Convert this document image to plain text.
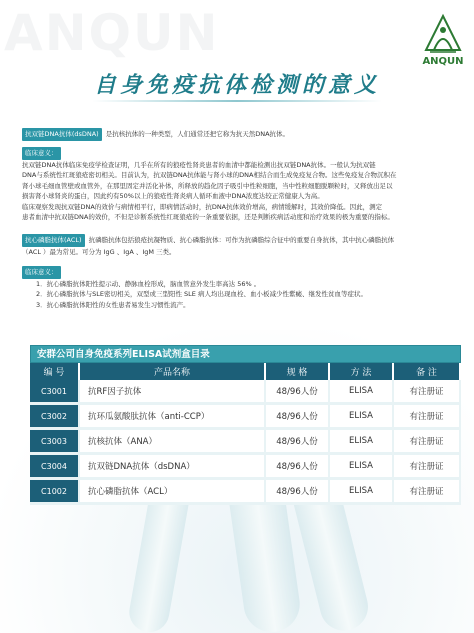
ANQUN	ANQUN
自身免疫抗体检测的意义
抗双链DNA抗体(dsDNA) 是抗核抗体的一种类型，人们通常还把它称为抗天然DNA抗体。
临床意义：

抗双链DNA抗体临床免疫学检查证明，几乎在所有的狼疮性肾炎患者的血清中都能检测出抗双链DNA抗体。一般认为抗双链

DNA与系统性红斑狼疮密切相关。目前认为，抗双链DNA抗体能与肾小球的DNA相结合而生成免疫复合物。这些免疫复合物沉积在

肾小球毛细血管壁或血管外，在那里固定并活化补体，所释放的趋化因子吸引中性粒细胞，当中性粒细胞脱颗粒时，又释放出足以

损害肾小球肾炎的蛋白，因此约有50%以上的狼疮性肾炎病人循环血液中DNA浓度达较正常健康人为高。

临床观察发现抗双链DNA的效价与病情相平行，即病情活动时，抗DNA抗体效价增高，病情缓解时，其效价降低。因此，测定

患者血清中抗双链DNA的效价，不但是诊断系统性红斑狼疮的一条重要依据，还是判断疾病活动度和治疗效果的极为重要的指标。

抗心磷脂抗体(ACL) 抗磷脂抗体包括狼疮抗凝物质、抗心磷脂抗体：可作为抗磷脂综合征中的重要自身抗体，其中抗心磷脂抗体

（ACL ）最为常见。可分为 IgG 、IgA 、IgM 三类。

临床意义：

1．抗心磷脂抗体阳性提示动、静脉血栓形成，脑血管意外发生率高达 56% 。

2．抗心磷脂抗体与SLE密切相关，双型或三型阳性 SLE 病人均出现血栓、血小板减少性紫癜、继发性贫血等症状。

3．抗心磷脂抗体阳性的女性患者易发生习惯性流产。

安群公司自身免疫系列ELISA试剂盒目录
编 号	产品名称	规 格	方 法	备 注
C3001	抗RF因子抗体	48/96人份	ELISA	有注册证
C3002	抗环瓜氨酸肽抗体（anti-CCP）	48/96人份	ELISA	有注册证
C3003	抗核抗体（ANA）	48/96人份	ELISA	有注册证
C3004	抗双链DNA抗体（dsDNA）	48/96人份	ELISA	有注册证
C1002	抗心磷脂抗体（ACL）	48/96人份	ELISA	有注册证
